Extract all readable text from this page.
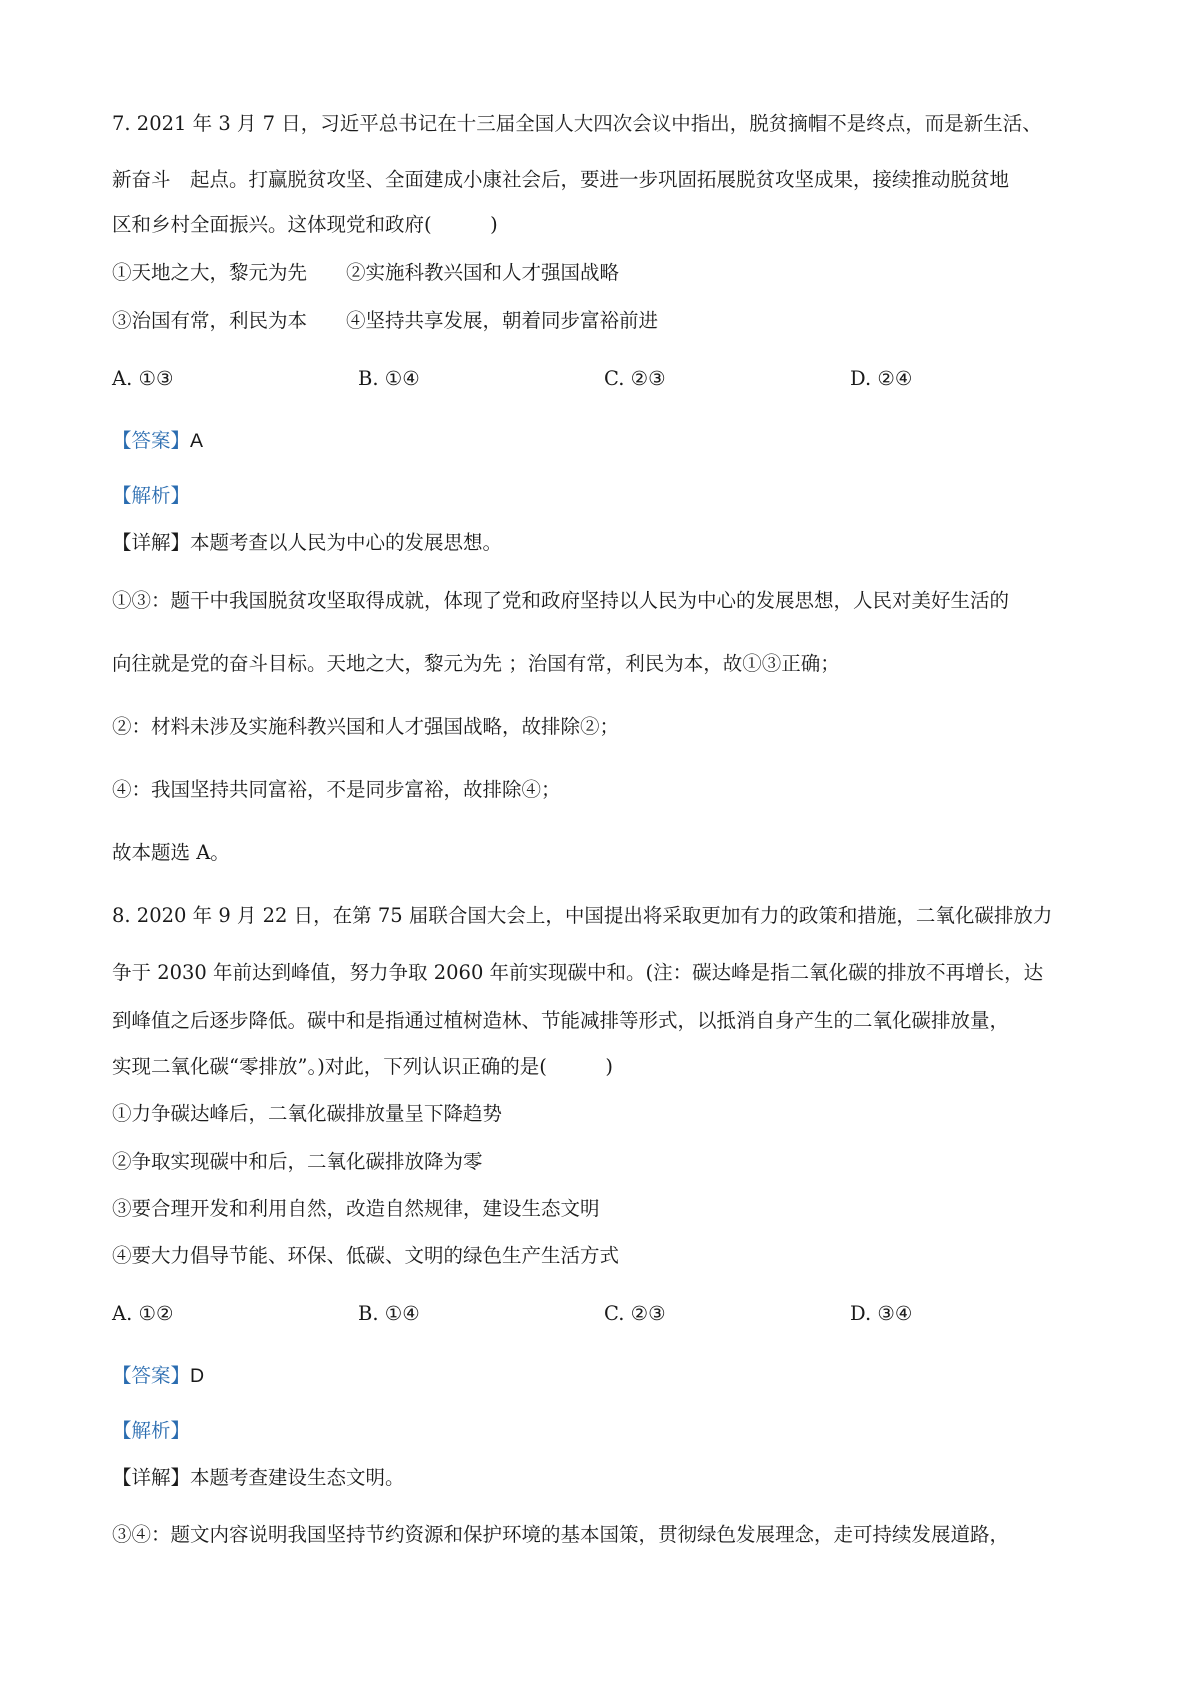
7. 2021 年 3 月 7 日，习近平总书记在十三届全国人大四次会议中指出，脱贫摘帽不是终点，而是新生活、

新奋斗　起点。打赢脱贫攻坚、全面建成小康社会后，要进一步巩固拓展脱贫攻坚成果，接续推动脱贫地

区和乡村全面振兴。这体现党和政府(　　　)

①天地之大，黎元为先　　②实施科教兴国和人才强国战略

③治国有常，利民为本　　④坚持共享发展，朝着同步富裕前进

A. ①③	B. ①④	C. ②③	D. ②④

【答案】A

【解析】

【详解】本题考查以人民为中心的发展思想。

①③：题干中我国脱贫攻坚取得成就，体现了党和政府坚持以人民为中心的发展思想，人民对美好生活的

向往就是党的奋斗目标。天地之大，黎元为先 ；治国有常，利民为本，故①③正确；

②：材料未涉及实施科教兴国和人才强国战略，故排除②；

④：我国坚持共同富裕，不是同步富裕，故排除④；

故本题选 A。

8. 2020 年 9 月 22 日，在第 75 届联合国大会上，中国提出将采取更加有力的政策和措施，二氧化碳排放力

争于 2030 年前达到峰值，努力争取 2060 年前实现碳中和。(注：碳达峰是指二氧化碳的排放不再增长，达

到峰值之后逐步降低。碳中和是指通过植树造林、节能减排等形式，以抵消自身产生的二氧化碳排放量，

实现二氧化碳“零排放”。)对此，下列认识正确的是(　　　)

①力争碳达峰后，二氧化碳排放量呈下降趋势

②争取实现碳中和后，二氧化碳排放降为零

③要合理开发和利用自然，改造自然规律，建设生态文明

④要大力倡导节能、环保、低碳、文明的绿色生产生活方式

A. ①②	B. ①④	C. ②③	D. ③④

【答案】D

【解析】

【详解】本题考查建设生态文明。

③④：题文内容说明我国坚持节约资源和保护环境的基本国策，贯彻绿色发展理念，走可持续发展道路，
